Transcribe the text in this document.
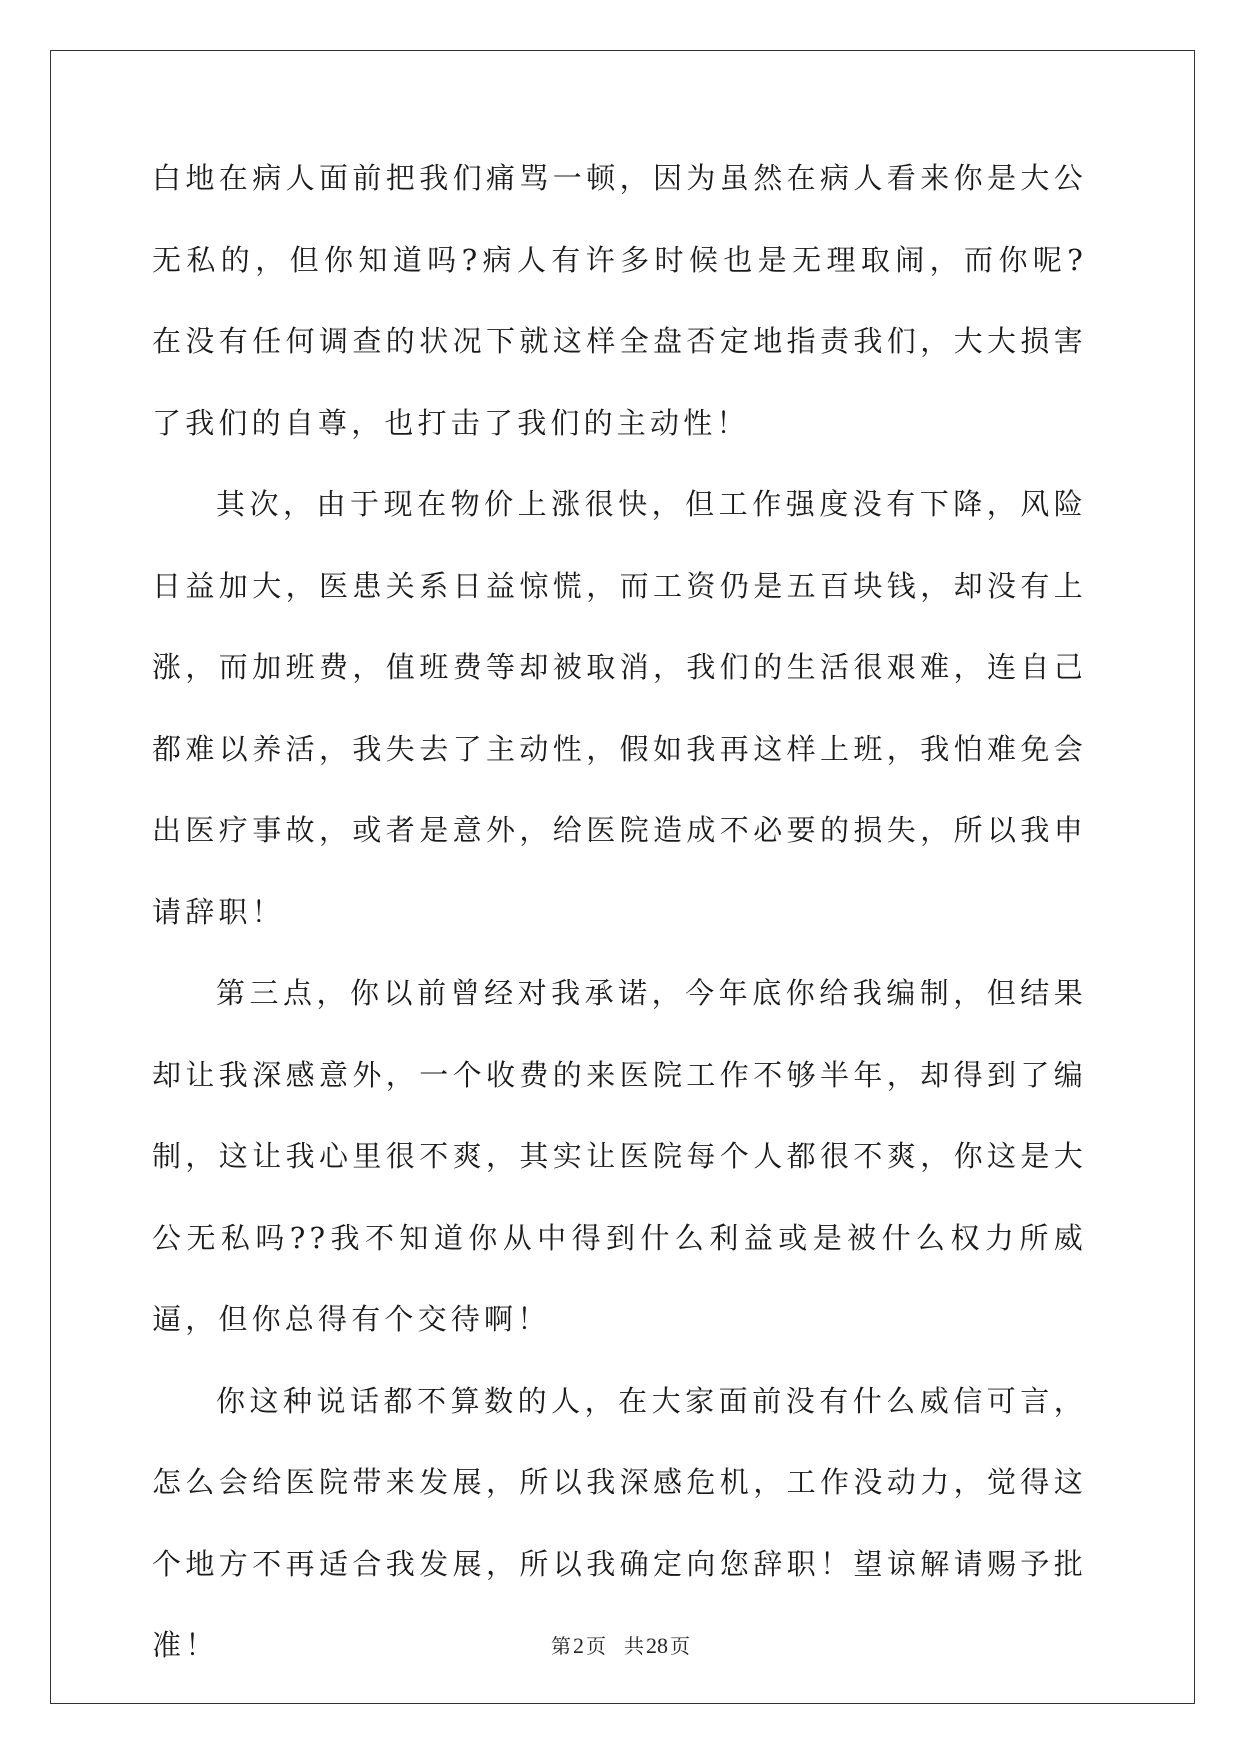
白地在病人面前把我们痛骂一顿，因为虽然在病人看来你是大公无私的，但你知道吗?病人有许多时候也是无理取闹，而你呢?在没有任何调查的状况下就这样全盘否定地指责我们，大大损害了我们的自尊，也打击了我们的主动性！

其次，由于现在物价上涨很快，但工作强度没有下降，风险日益加大，医患关系日益惊慌，而工资仍是五百块钱，却没有上涨，而加班费，值班费等却被取消，我们的生活很艰难，连自己都难以养活，我失去了主动性，假如我再这样上班，我怕难免会出医疗事故，或者是意外，给医院造成不必要的损失，所以我申请辞职！

第三点，你以前曾经对我承诺，今年底你给我编制，但结果却让我深感意外，一个收费的来医院工作不够半年，却得到了编制，这让我心里很不爽，其实让医院每个人都很不爽，你这是大公无私吗??我不知道你从中得到什么利益或是被什么权力所威逼，但你总得有个交待啊！

你这种说话都不算数的人，在大家面前没有什么威信可言，怎么会给医院带来发展，所以我深感危机，工作没动力，觉得这个地方不再适合我发展，所以我确定向您辞职！望谅解请赐予批准！	第2 页 共28 页
